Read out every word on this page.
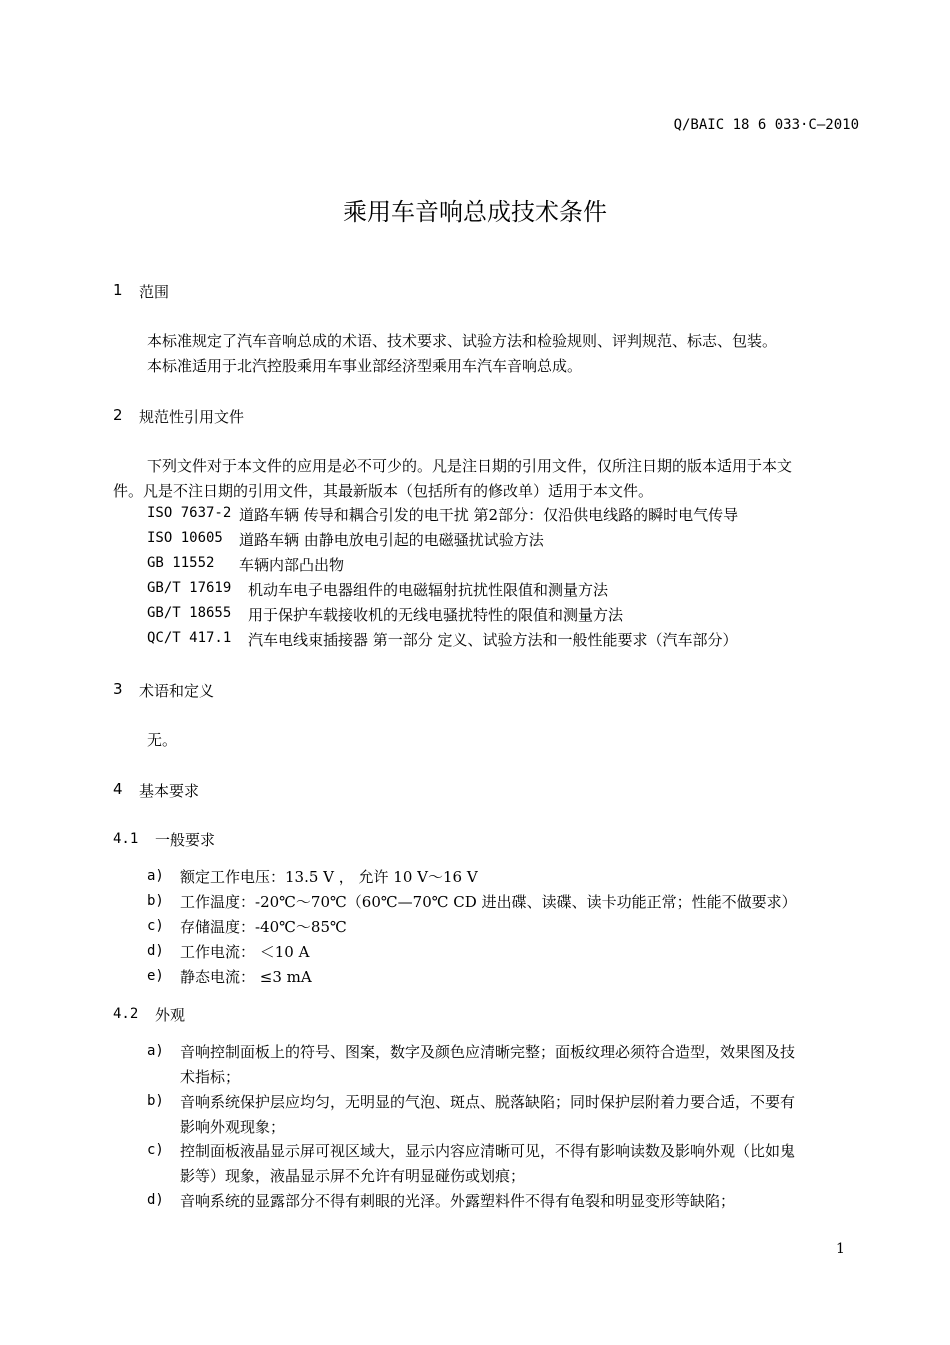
Q/BAIC 18 6 033·C—2010
乘用车音响总成技术条件
1 范围
本标准规定了汽车音响总成的术语、技术要求、试验方法和检验规则、评判规范、标志、包装。
本标准适用于北汽控股乘用车事业部经济型乘用车汽车音响总成。
2 规范性引用文件
下列文件对于本文件的应用是必不可少的。凡是注日期的引用文件，仅所注日期的版本适用于本文
件。凡是不注日期的引用文件，其最新版本（包括所有的修改单）适用于本文件。
ISO 7637-2 道路车辆 传导和耦合引发的电干扰 第2部分：仅沿供电线路的瞬时电气传导
ISO 10605 道路车辆 由静电放电引起的电磁骚扰试验方法
GB 11552 车辆内部凸出物
GB/T 17619 机动车电子电器组件的电磁辐射抗扰性限值和测量方法
GB/T 18655 用于保护车载接收机的无线电骚扰特性的限值和测量方法
QC/T 417.1 汽车电线束插接器 第一部分 定义、试验方法和一般性能要求（汽车部分）
3 术语和定义
无。
4 基本要求
4.1 一般要求
a) 额定工作电压：13.5 V ， 允许 10 V～16 V
b) 工作温度：-20℃～70℃（60℃—70℃ CD 进出碟、读碟、读卡功能正常；性能不做要求）
c) 存储温度：-40℃～85℃
d) 工作电流： ＜10 A
e) 静态电流： ≤3 mA
4.2 外观
a) 音响控制面板上的符号、图案，数字及颜色应清晰完整；面板纹理必须符合造型，效果图及技
术指标；
b) 音响系统保护层应均匀，无明显的气泡、斑点、脱落缺陷；同时保护层附着力要合适，不要有
影响外观现象；
c) 控制面板液晶显示屏可视区域大，显示内容应清晰可见，不得有影响读数及影响外观（比如鬼
影等）现象，液晶显示屏不允许有明显碰伤或划痕；
d) 音响系统的显露部分不得有刺眼的光泽。外露塑料件不得有龟裂和明显变形等缺陷；
1
